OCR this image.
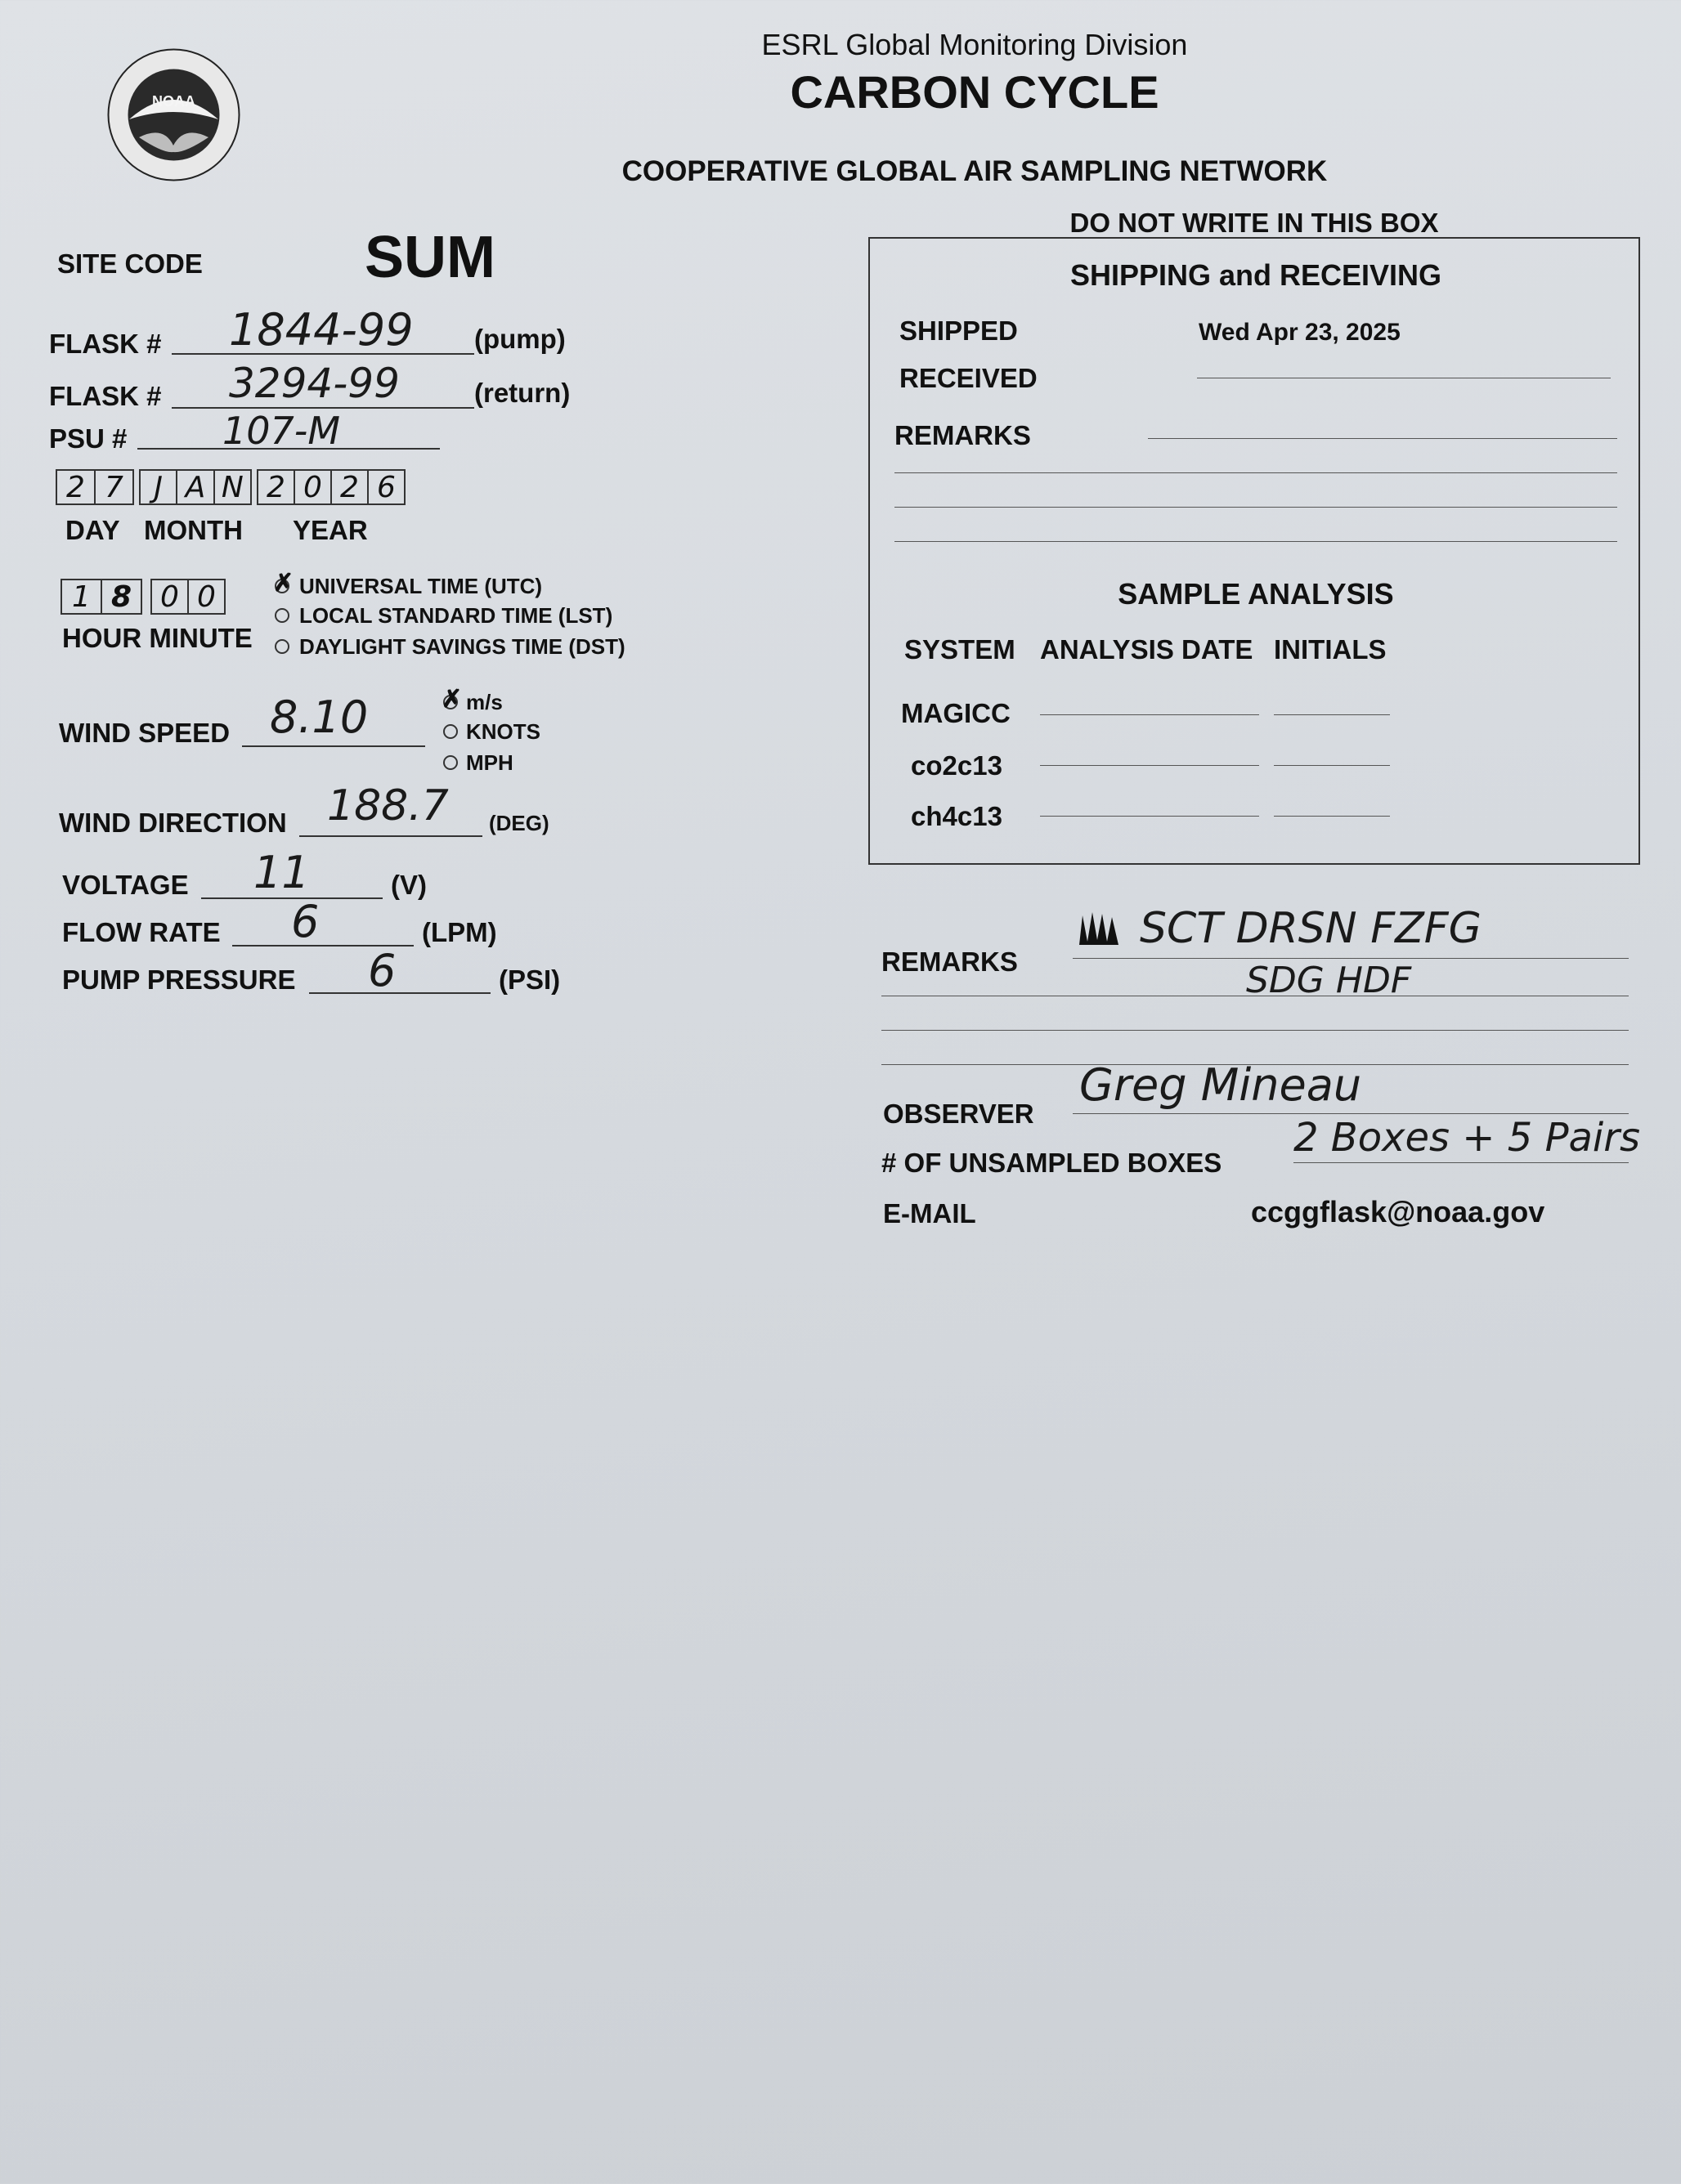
NOAA
ESRL Global Monitoring Division
CARBON CYCLE
COOPERATIVE GLOBAL AIR SAMPLING NETWORK
SITE CODE	SUM
FLASK # 1844-99 (pump)
FLASK # 3294-99	(return)
PSU #	107-M
2 7	J A N 2 0 2 6
DAY MONTH YEAR
1 8 0 0
HOUR MINUTE
✗
UNIVERSAL TIME (UTC)
LOCAL STANDARD TIME (LST)
DAYLIGHT SAVINGS TIME (DST)
WIND SPEED 8.10
✗	m/s
KNOTS
MPH
WIND DIRECTION 188.7 (DEG)
VOLTAGE 11	(V)
FLOW RATE 6	(LPM)
PUMP PRESSURE 6	(PSI)
DO NOT WRITE IN THIS BOX
SHIPPING and RECEIVING
SHIPPED	Wed Apr 23, 2025
RECEIVED
REMARKS
SAMPLE ANALYSIS
SYSTEM ANALYSIS DATE INITIALS
MAGICC
co2c13
ch4c13
REMARKS
SCT DRSN FZFG
SDG HDF
OBSERVER
Greg Mineau
# OF UNSAMPLED BOXES
2 Boxes + 5 Pairs
E-MAIL	ccggflask@noaa.gov
